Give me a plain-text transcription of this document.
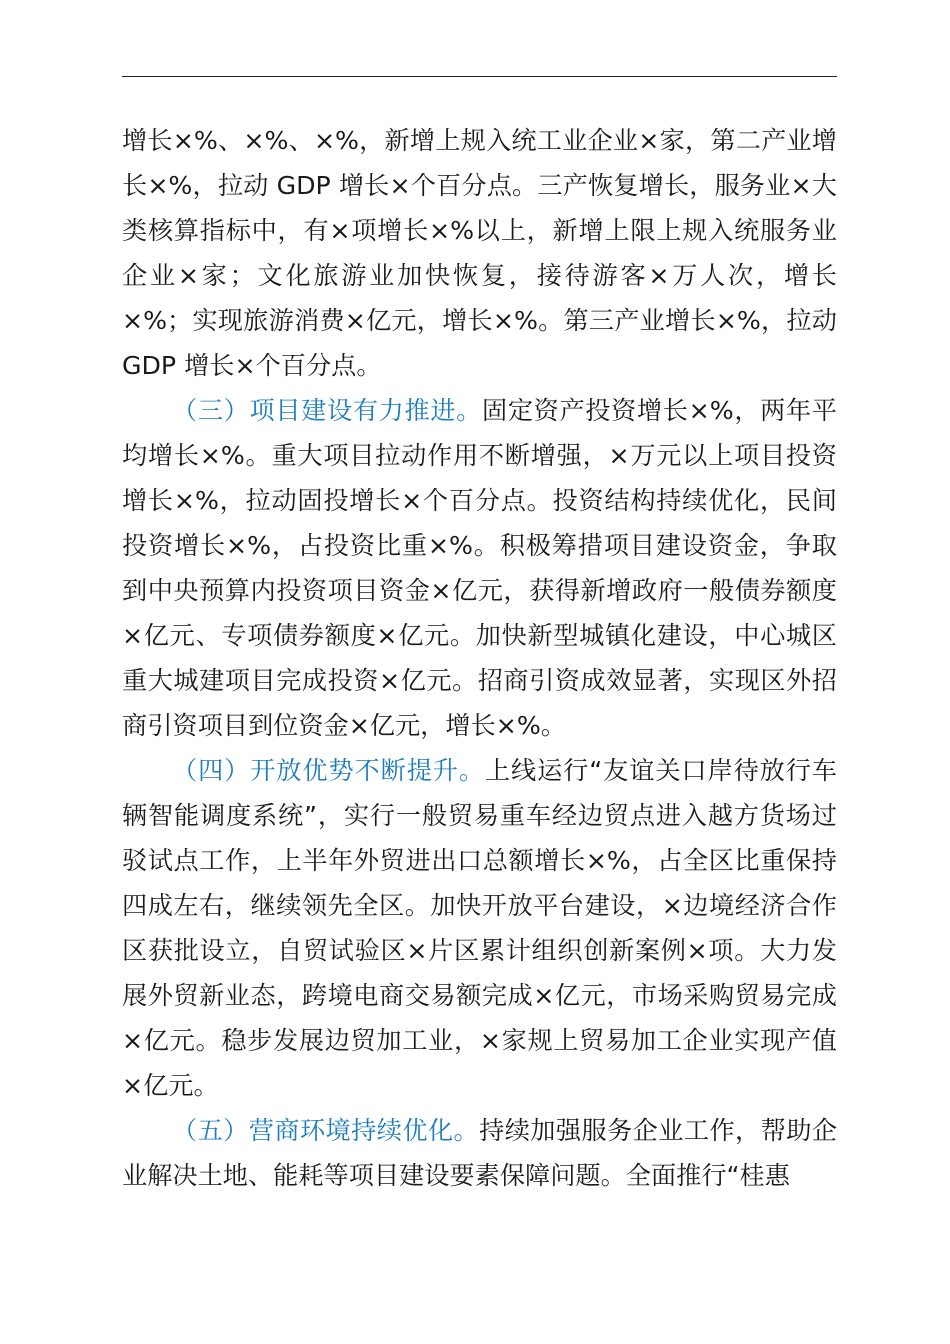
增长×%、×%、×%，新增上规入统工业企业×家，第二产业增长×%，拉动 GDP 增长×个百分点。三产恢复增长，服务业×大类核算指标中，有×项增长×%以上，新增上限上规入统服务业企业×家；文化旅游业加快恢复，接待游客×万人次，增长×%；实现旅游消费×亿元，增长×%。第三产业增长×%，拉动 GDP 增长×个百分点。

（三）项目建设有力推进。固定资产投资增长×%，两年平均增长×%。重大项目拉动作用不断增强，×万元以上项目投资增长×%，拉动固投增长×个百分点。投资结构持续优化，民间投资增长×%，占投资比重×%。积极筹措项目建设资金，争取到中央预算内投资项目资金×亿元，获得新增政府一般债券额度×亿元、专项债券额度×亿元。加快新型城镇化建设，中心城区重大城建项目完成投资×亿元。招商引资成效显著，实现区外招商引资项目到位资金×亿元，增长×%。

（四）开放优势不断提升。上线运行“友谊关口岸待放行车辆智能调度系统”，实行一般贸易重车经边贸点进入越方货场过驳试点工作，上半年外贸进出口总额增长×%，占全区比重保持四成左右，继续领先全区。加快开放平台建设，×边境经济合作区获批设立，自贸试验区×片区累计组织创新案例×项。大力发展外贸新业态，跨境电商交易额完成×亿元，市场采购贸易完成×亿元。稳步发展边贸加工业，×家规上贸易加工企业实现产值×亿元。

（五）营商环境持续优化。持续加强服务企业工作，帮助企业解决土地、能耗等项目建设要素保障问题。全面推行“桂惠
